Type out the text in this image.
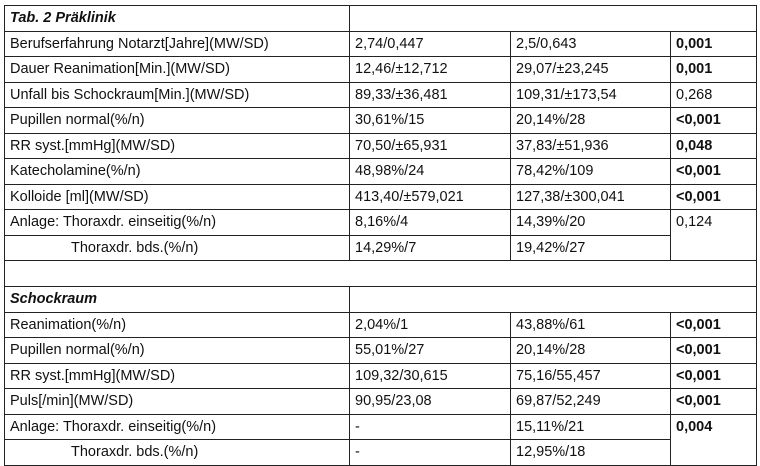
Tab. 2 Präklinik			
Berufserfahrung Notarzt[Jahre](MW/SD)	2,74/0,447	2,5/0,643	0,001
Dauer Reanimation[Min.](MW/SD)	12,46/±12,712	29,07/±23,245	0,001
Unfall bis Schockraum[Min.](MW/SD)	89,33/±36,481	109,31/±173,54	0,268
Pupillen normal(%/n)	30,61%/15	20,14%/28	<0,001
RR syst.[mmHg](MW/SD)	70,50/±65,931	37,83/±51,936	0,048
Katecholamine(%/n)	48,98%/24	78,42%/109	<0,001
Kolloide [ml](MW/SD)	413,40/±579,021	127,38/±300,041	<0,001
Anlage: Thoraxdr. einseitig(%/n)	8,16%/4	14,39%/20	0,124
Thoraxdr. bds.(%/n)	14,29%/7	19,42%/27	

Schockraum			
Reanimation(%/n)	2,04%/1	43,88%/61	<0,001
Pupillen normal(%/n)	55,01%/27	20,14%/28	<0,001
RR syst.[mmHg](MW/SD)	109,32/30,615	75,16/55,457	<0,001
Puls[/min](MW/SD)	90,95/23,08	69,87/52,249	<0,001
Anlage: Thoraxdr. einseitig(%/n)	-	15,11%/21	0,004
Thoraxdr. bds.(%/n)	-	12,95%/18	
